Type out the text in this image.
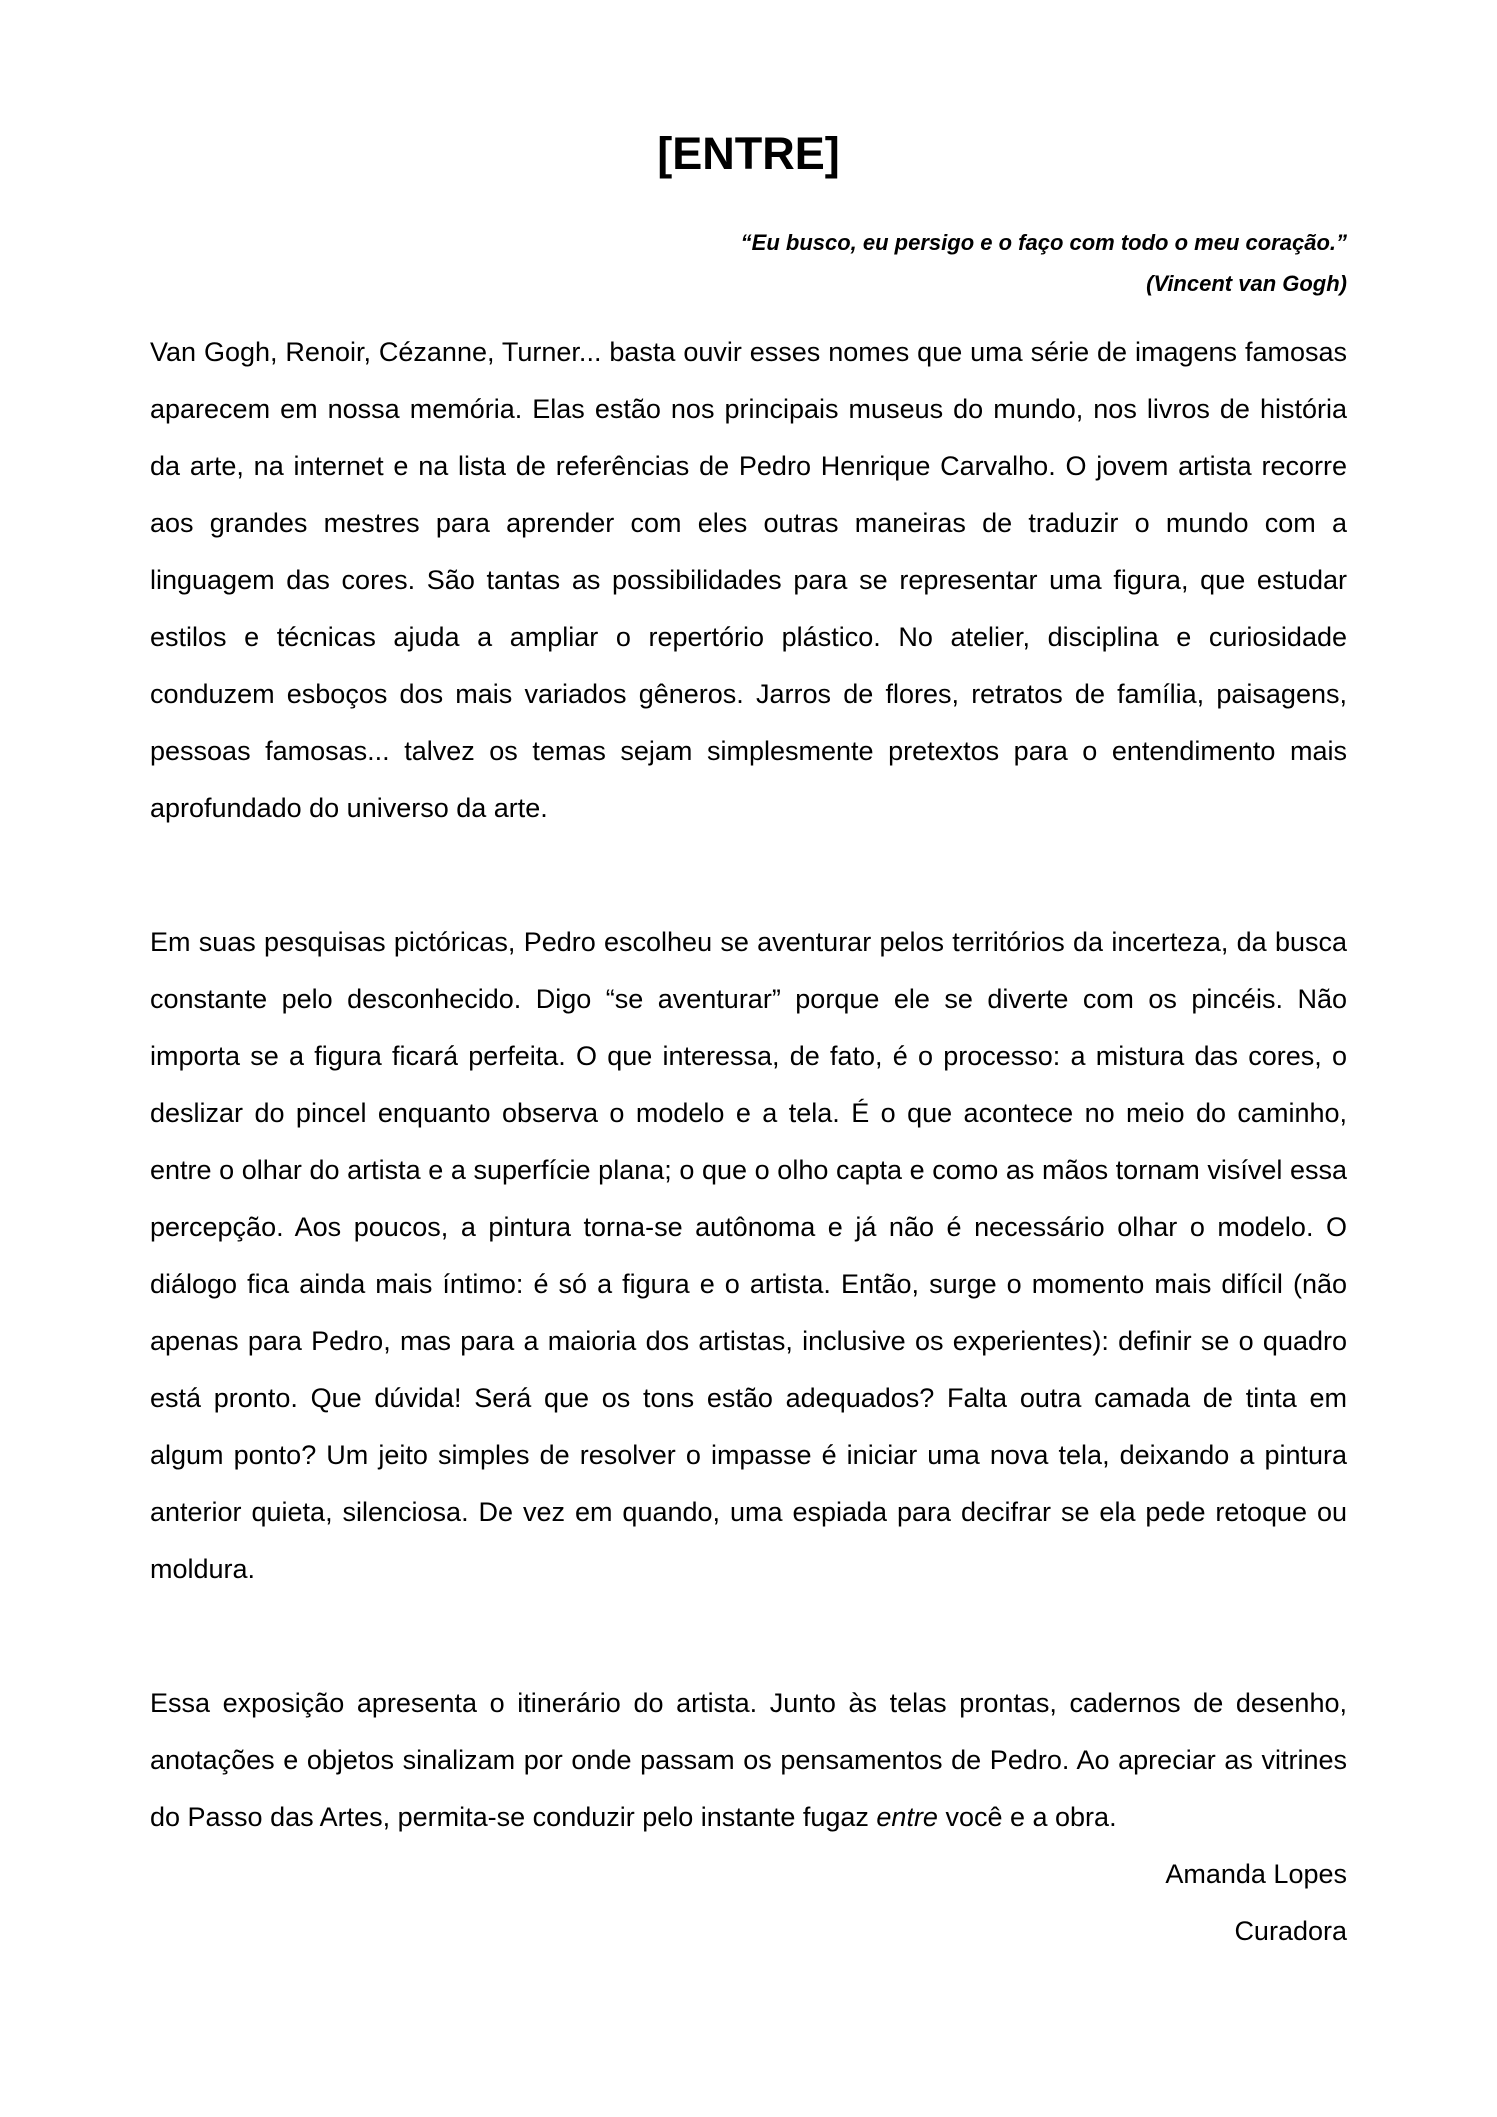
[ENTRE]
“Eu busco, eu persigo e o faço com todo o meu coração.”
(Vincent van Gogh)

Van Gogh, Renoir, Cézanne, Turner... basta ouvir esses nomes que uma série de imagens famosas aparecem em nossa memória. Elas estão nos principais museus do mundo, nos livros de história da arte, na internet e na lista de referências de Pedro Henrique Carvalho. O jovem artista recorre aos grandes mestres para aprender com eles outras maneiras de traduzir o mundo com a linguagem das cores. São tantas as possibilidades para se representar uma figura, que estudar estilos e técnicas ajuda a ampliar o repertório plástico. No atelier, disciplina e curiosidade conduzem esboços dos mais variados gêneros. Jarros de flores, retratos de família, paisagens, pessoas famosas... talvez os temas sejam simplesmente pretextos para o entendimento mais aprofundado do universo da arte.

Em suas pesquisas pictóricas, Pedro escolheu se aventurar pelos territórios da incerteza, da busca constante pelo desconhecido. Digo “se aventurar” porque ele se diverte com os pincéis. Não importa se a figura ficará perfeita. O que interessa, de fato, é o processo: a mistura das cores, o deslizar do pincel enquanto observa o modelo e a tela. É o que acontece no meio do caminho, entre o olhar do artista e a superfície plana; o que o olho capta e como as mãos tornam visível essa percepção. Aos poucos, a pintura torna-se autônoma e já não é necessário olhar o modelo. O diálogo fica ainda mais íntimo: é só a figura e o artista. Então, surge o momento mais difícil (não apenas para Pedro, mas para a maioria dos artistas, inclusive os experientes): definir se o quadro está pronto. Que dúvida! Será que os tons estão adequados? Falta outra camada de tinta em algum ponto? Um jeito simples de resolver o impasse é iniciar uma nova tela, deixando a pintura anterior quieta, silenciosa. De vez em quando, uma espiada para decifrar se ela pede retoque ou moldura.

Essa exposição apresenta o itinerário do artista. Junto às telas prontas, cadernos de desenho, anotações e objetos sinalizam por onde passam os pensamentos de Pedro. Ao apreciar as vitrines do Passo das Artes, permita-se conduzir pelo instante fugaz entre você e a obra.

Amanda Lopes
Curadora
